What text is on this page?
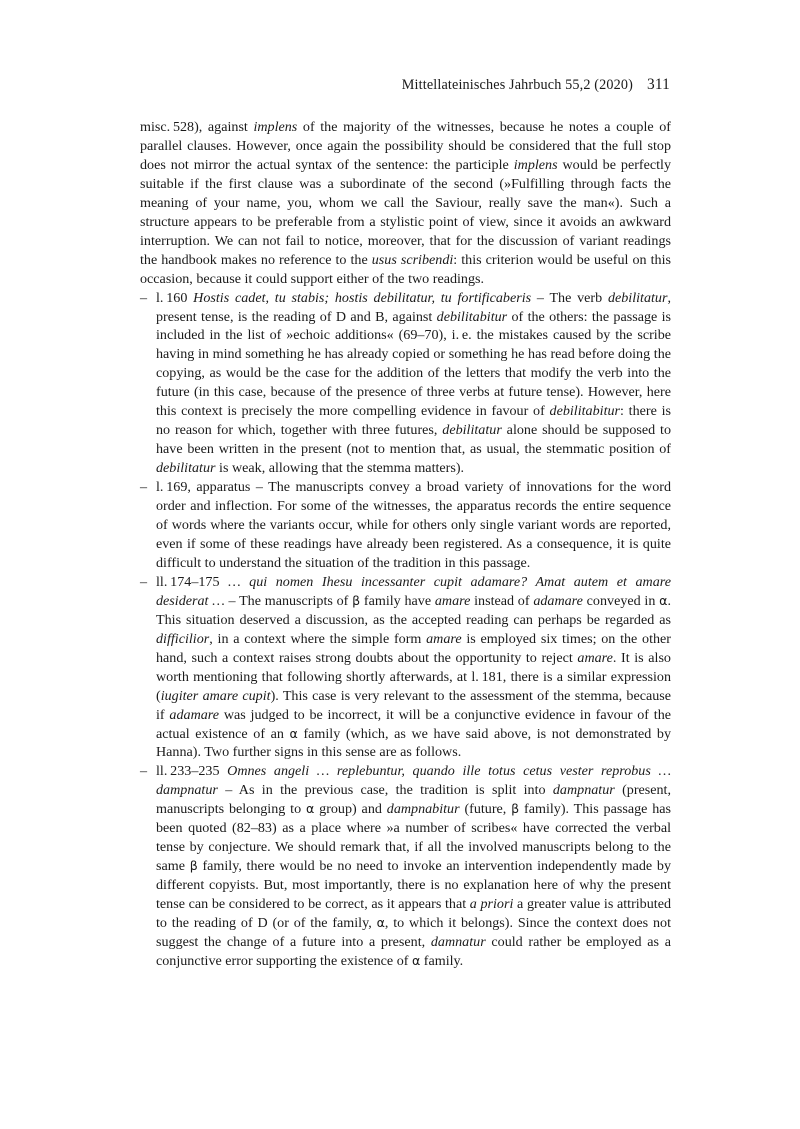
Mittellateinisches Jahrbuch 55,2 (2020) 311

misc. 528), against implens of the majority of the witnesses, because he notes a couple of parallel clauses. However, once again the possibility should be considered that the full stop does not mirror the actual syntax of the sentence: the participle implens would be perfectly suitable if the first clause was a subordinate of the second (»Fulfilling through facts the meaning of your name, you, whom we call the Saviour, really save the man«). Such a structure appears to be preferable from a stylistic point of view, since it avoids an awkward interruption. We can not fail to notice, moreover, that for the discussion of variant readings the handbook makes no reference to the usus scribendi: this criterion would be useful on this occasion, because it could support either of the two readings.

– l. 160 Hostis cadet, tu stabis; hostis debilitatur, tu fortificaberis – The verb debilitatur, present tense, is the reading of D and B, against debilitabitur of the others: the passage is included in the list of »echoic additions« (69–70), i. e. the mistakes caused by the scribe having in mind something he has already copied or something he has read before doing the copying, as would be the case for the addition of the letters that modify the verb into the future (in this case, because of the presence of three verbs at future tense). However, here this context is precisely the more compelling evidence in favour of debilitabitur: there is no reason for which, together with three futures, debilitatur alone should be supposed to have been written in the present (not to mention that, as usual, the stemmatic position of debilitatur is weak, allowing that the stemma matters).

– l. 169, apparatus – The manuscripts convey a broad variety of innovations for the word order and inflection. For some of the witnesses, the apparatus records the entire sequence of words where the variants occur, while for others only single variant words are reported, even if some of these readings have already been registered. As a consequence, it is quite difficult to understand the situation of the tradition in this passage.

– ll. 174–175 … qui nomen Ihesu incessanter cupit adamare? Amat autem et amare desiderat … – The manuscripts of β family have amare instead of adamare conveyed in α. This situation deserved a discussion, as the accepted reading can perhaps be regarded as difficilior, in a context where the simple form amare is employed six times; on the other hand, such a context raises strong doubts about the opportunity to reject amare. It is also worth mentioning that following shortly afterwards, at l. 181, there is a similar expression (iugiter amare cupit). This case is very relevant to the assessment of the stemma, because if adamare was judged to be incorrect, it will be a conjunctive evidence in favour of the actual existence of an α family (which, as we have said above, is not demonstrated by Hanna). Two further signs in this sense are as follows.

– ll. 233–235 Omnes angeli … replebuntur, quando ille totus cetus vester reprobus … dampnatur – As in the previous case, the tradition is split into dampnatur (present, manuscripts belonging to α group) and dampnabitur (future, β family). This passage has been quoted (82–83) as a place where »a number of scribes« have corrected the verbal tense by conjecture. We should remark that, if all the involved manuscripts belong to the same β family, there would be no need to invoke an intervention independently made by different copyists. But, most importantly, there is no explanation here of why the present tense can be considered to be correct, as it appears that a priori a greater value is attributed to the reading of D (or of the family, α, to which it belongs). Since the context does not suggest the change of a future into a present, damnatur could rather be employed as a conjunctive error supporting the existence of α family.
